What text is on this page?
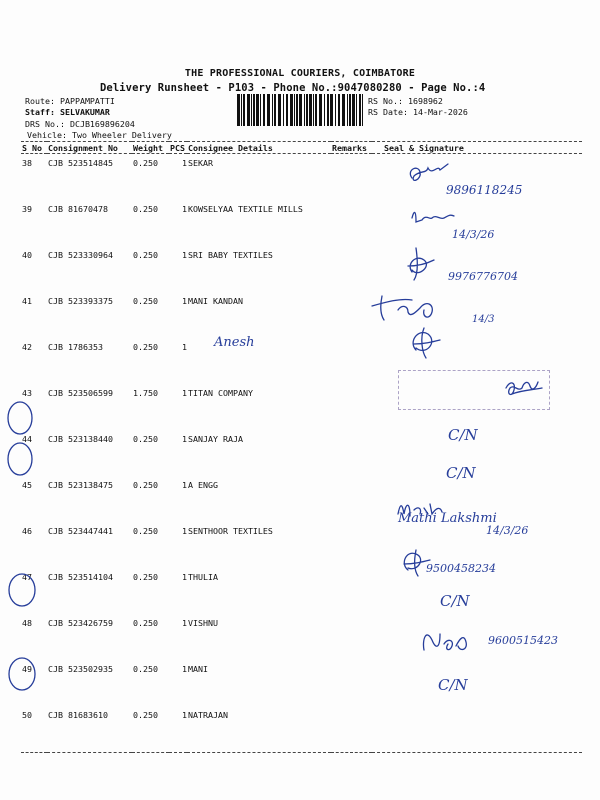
THE PROFESSIONAL COURIERS, COIMBATORE
Delivery Runsheet - P103 - Phone No.:9047080280 - Page No.:4
Route: PAPPAMPATTI
Staff: SELVAKUMAR
DRS No.: DCJB169896204
Vehicle: Two Wheeler Delivery
RS No.: 1698962
RS Date: 14-Mar-2026
S No	Consignment No	Weight	PCS	Consignee Details	Remarks	Seal & Signature
38	CJB 523514845	0.250	1	SEKAR		
39	CJB 81670478	0.250	1	KOWSELYAA TEXTILE MILLS		
40	CJB 523330964	0.250	1	SRI BABY TEXTILES		
41	CJB 523393375	0.250	1	MANI KANDAN		
42	CJB 1786353	0.250	1			
43	CJB 523506599	1.750	1	TITAN COMPANY		
44	CJB 523138440	0.250	1	SANJAY RAJA		
45	CJB 523138475	0.250	1	A ENGG		
46	CJB 523447441	0.250	1	SENTHOOR TEXTILES		
47	CJB 523514104	0.250	1	THULIA		
48	CJB 523426759	0.250	1	VISHNU		
49	CJB 523502935	0.250	1	MANI		
50	CJB 81683610	0.250	1	NATRAJAN		
9896118245
14/3/26
9976776704
14/3
Anesh
C/N
C/N
Mathi Lakshmi
14/3/26
9500458234
C/N
9600515423
C/N
